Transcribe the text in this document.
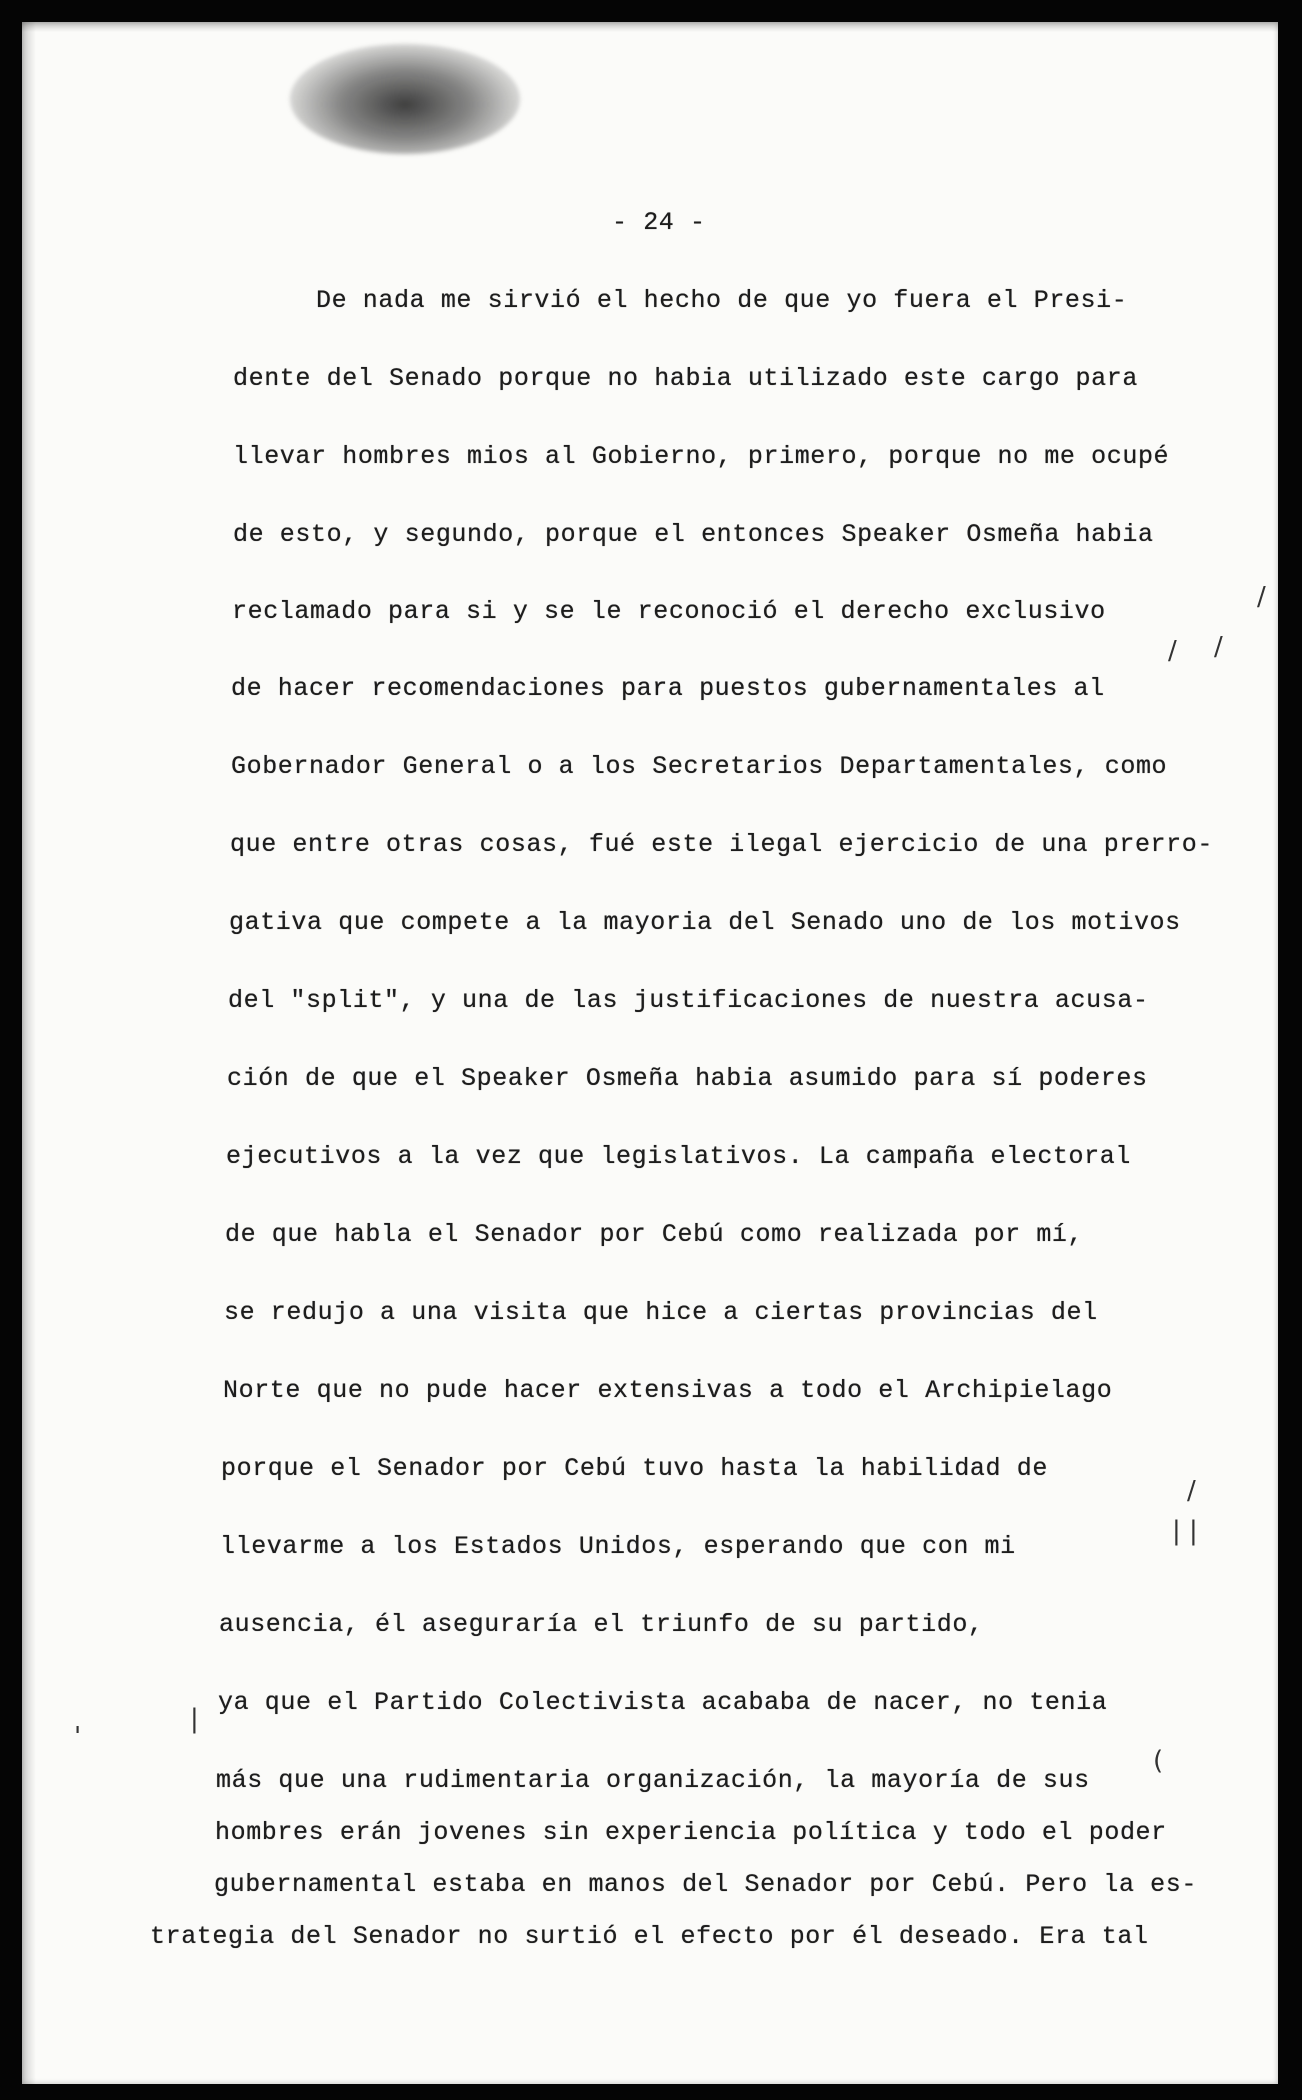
- 24 -

De nada me sirvió el hecho de que yo fuera el Presi-

dente del Senado porque no habia utilizado este cargo para

llevar hombres mios al Gobierno, primero, porque no me ocupé

de esto, y segundo, porque el entonces Speaker Osmeña habia

reclamado para si y se le reconoció el derecho exclusivo

de hacer recomendaciones para puestos gubernamentales al

Gobernador General o a los Secretarios Departamentales, como

que entre otras cosas, fué este ilegal ejercicio de una prerro-

gativa que compete a la mayoria del Senado uno de los motivos

del "split", y una de las justificaciones de nuestra acusa-

ción de que el Speaker Osmeña habia asumido para sí poderes

ejecutivos a la vez que legislativos. La campaña electoral

de que habla el Senador por Cebú como realizada por mí,

se redujo a una visita que hice a ciertas provincias del

Norte que no pude hacer extensivas a todo el Archipielago

porque el Senador por Cebú tuvo hasta la habilidad de

llevarme a los Estados Unidos, esperando que con mi

ausencia, él aseguraría el triunfo de su partido,

ya que el Partido Colectivista acababa de nacer, no tenia

más que una rudimentaria organización, la mayoría de sus

hombres erán jovenes sin experiencia política y todo el poder

gubernamental estaba en manos del Senador por Cebú. Pero la es-

trategia del Senador no surtió el efecto por él deseado. Era tal

/
/
/
/
| |
|
(
'
